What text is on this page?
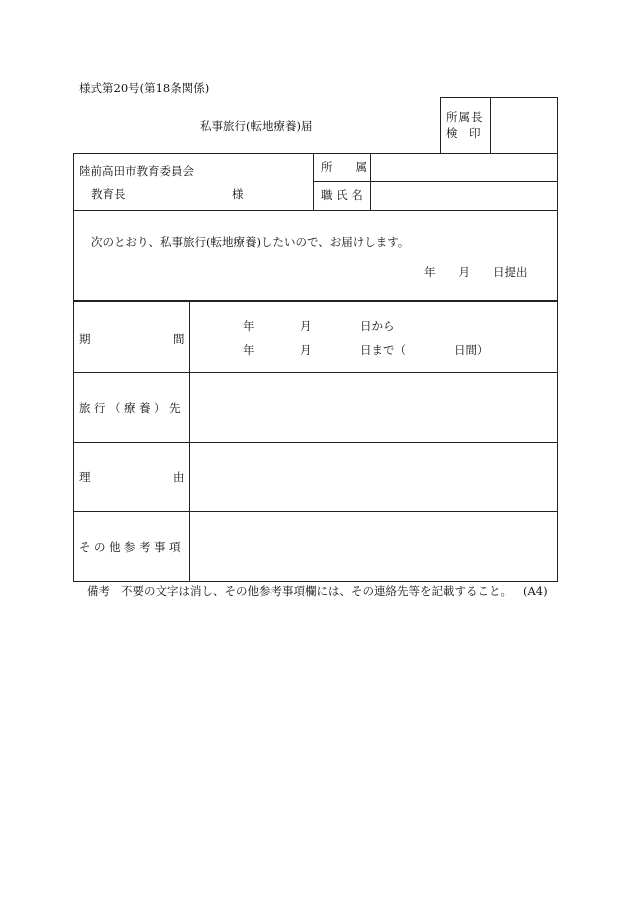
様式第20号(第18条関係)
私事旅行(転地療養)届
所属長
検　印
陸前高田市教育委員会
教育長	様
所　　属
職 氏 名
次のとおり、私事旅行(転地療養)したいので、お届けします。
年　　月　　日提出
期	間
年	月	日から
年	月	日まで（	日間）
旅行（療養）先
理	由
その他参考事項
備考 不要の文字は消し、その他参考事項欄には、その連絡先等を記載すること。 (A4)
